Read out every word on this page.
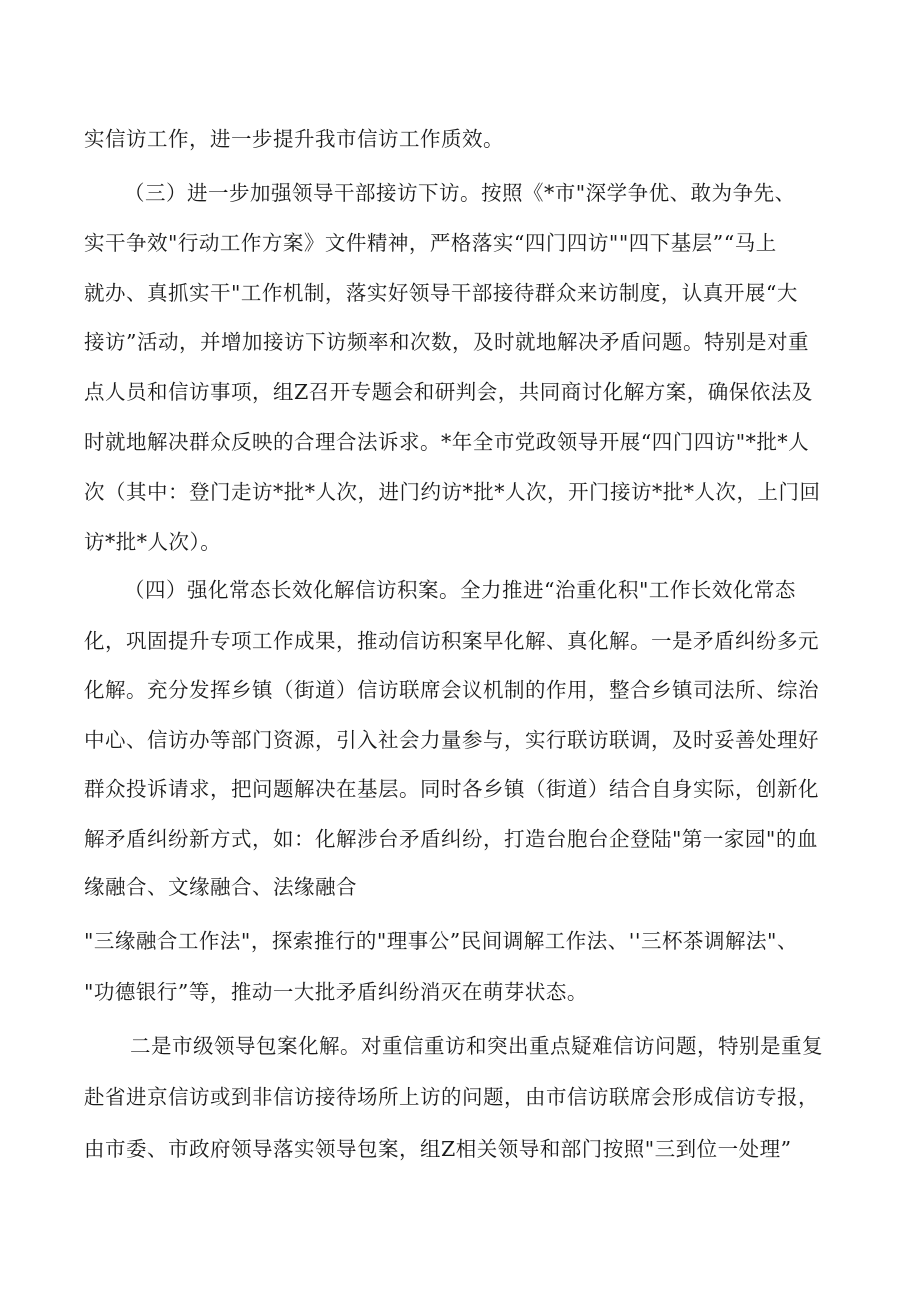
实信访工作，进一步提升我市信访工作质效。
（三）进一步加强领导干部接访下访。按照《*市"深学争优、敢为争先、
实干争效"行动工作方案》文件精神，严格落实“四门四访""四下基层”“马上
就办、真抓实干"工作机制，落实好领导干部接待群众来访制度，认真开展“大
接访”活动，并增加接访下访频率和次数，及时就地解决矛盾问题。特别是对重
点人员和信访事项，组Z召开专题会和研判会，共同商讨化解方案，确保依法及
时就地解决群众反映的合理合法诉求。*年全市党政领导开展“四门四访"*批*人
次（其中：登门走访*批*人次，进门约访*批*人次，开门接访*批*人次，上门回
访*批*人次）。
（四）强化常态长效化解信访积案。全力推进“治重化积"工作长效化常态
化，巩固提升专项工作成果，推动信访积案早化解、真化解。一是矛盾纠纷多元
化解。充分发挥乡镇（街道）信访联席会议机制的作用，整合乡镇司法所、综治
中心、信访办等部门资源，引入社会力量参与，实行联访联调，及时妥善处理好
群众投诉请求，把问题解决在基层。同时各乡镇（街道）结合自身实际，创新化
解矛盾纠纷新方式，如：化解涉台矛盾纠纷，打造台胞台企登陆"第一家园"的血
缘融合、文缘融合、法缘融合
"三缘融合工作法"，探索推行的"理事公”民间调解工作法、''三杯茶调解法"、
"功德银行”等，推动一大批矛盾纠纷消灭在萌芽状态。
二是市级领导包案化解。对重信重访和突出重点疑难信访问题，特别是重复
赴省进京信访或到非信访接待场所上访的问题，由市信访联席会形成信访专报，
由市委、市政府领导落实领导包案，组Z相关领导和部门按照"三到位一处理”
